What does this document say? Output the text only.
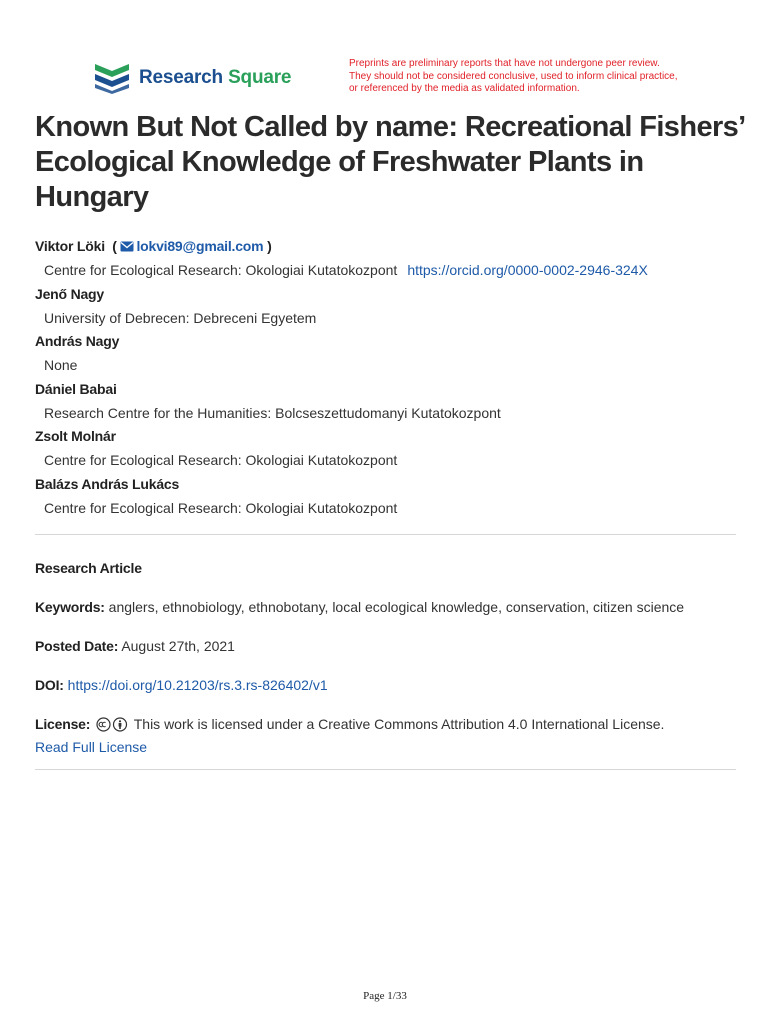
Research Square
Preprints are preliminary reports that have not undergone peer review.
They should not be considered conclusive, used to inform clinical practice,
or referenced by the media as validated information.
Known But Not Called by name: Recreational Fishers’ Ecological Knowledge of Freshwater Plants in Hungary
Viktor Löki  ( lokvi89@gmail.com )
Centre for Ecological Research: Okologiai Kutatokozpont https://orcid.org/0000-0002-2946-324X
Jenő Nagy
University of Debrecen: Debreceni Egyetem
András Nagy
None
Dániel Babai
Research Centre for the Humanities: Bolcseszettudomanyi Kutatokozpont
Zsolt Molnár
Centre for Ecological Research: Okologiai Kutatokozpont
Balázs András Lukács
Centre for Ecological Research: Okologiai Kutatokozpont
Research Article
Keywords: anglers, ethnobiology, ethnobotany, local ecological knowledge, conservation, citizen science
Posted Date: August 27th, 2021
DOI: https://doi.org/10.21203/rs.3.rs-826402/v1
License:	This work is licensed under a Creative Commons Attribution 4.0 International License.
Read Full License
Page 1/33
